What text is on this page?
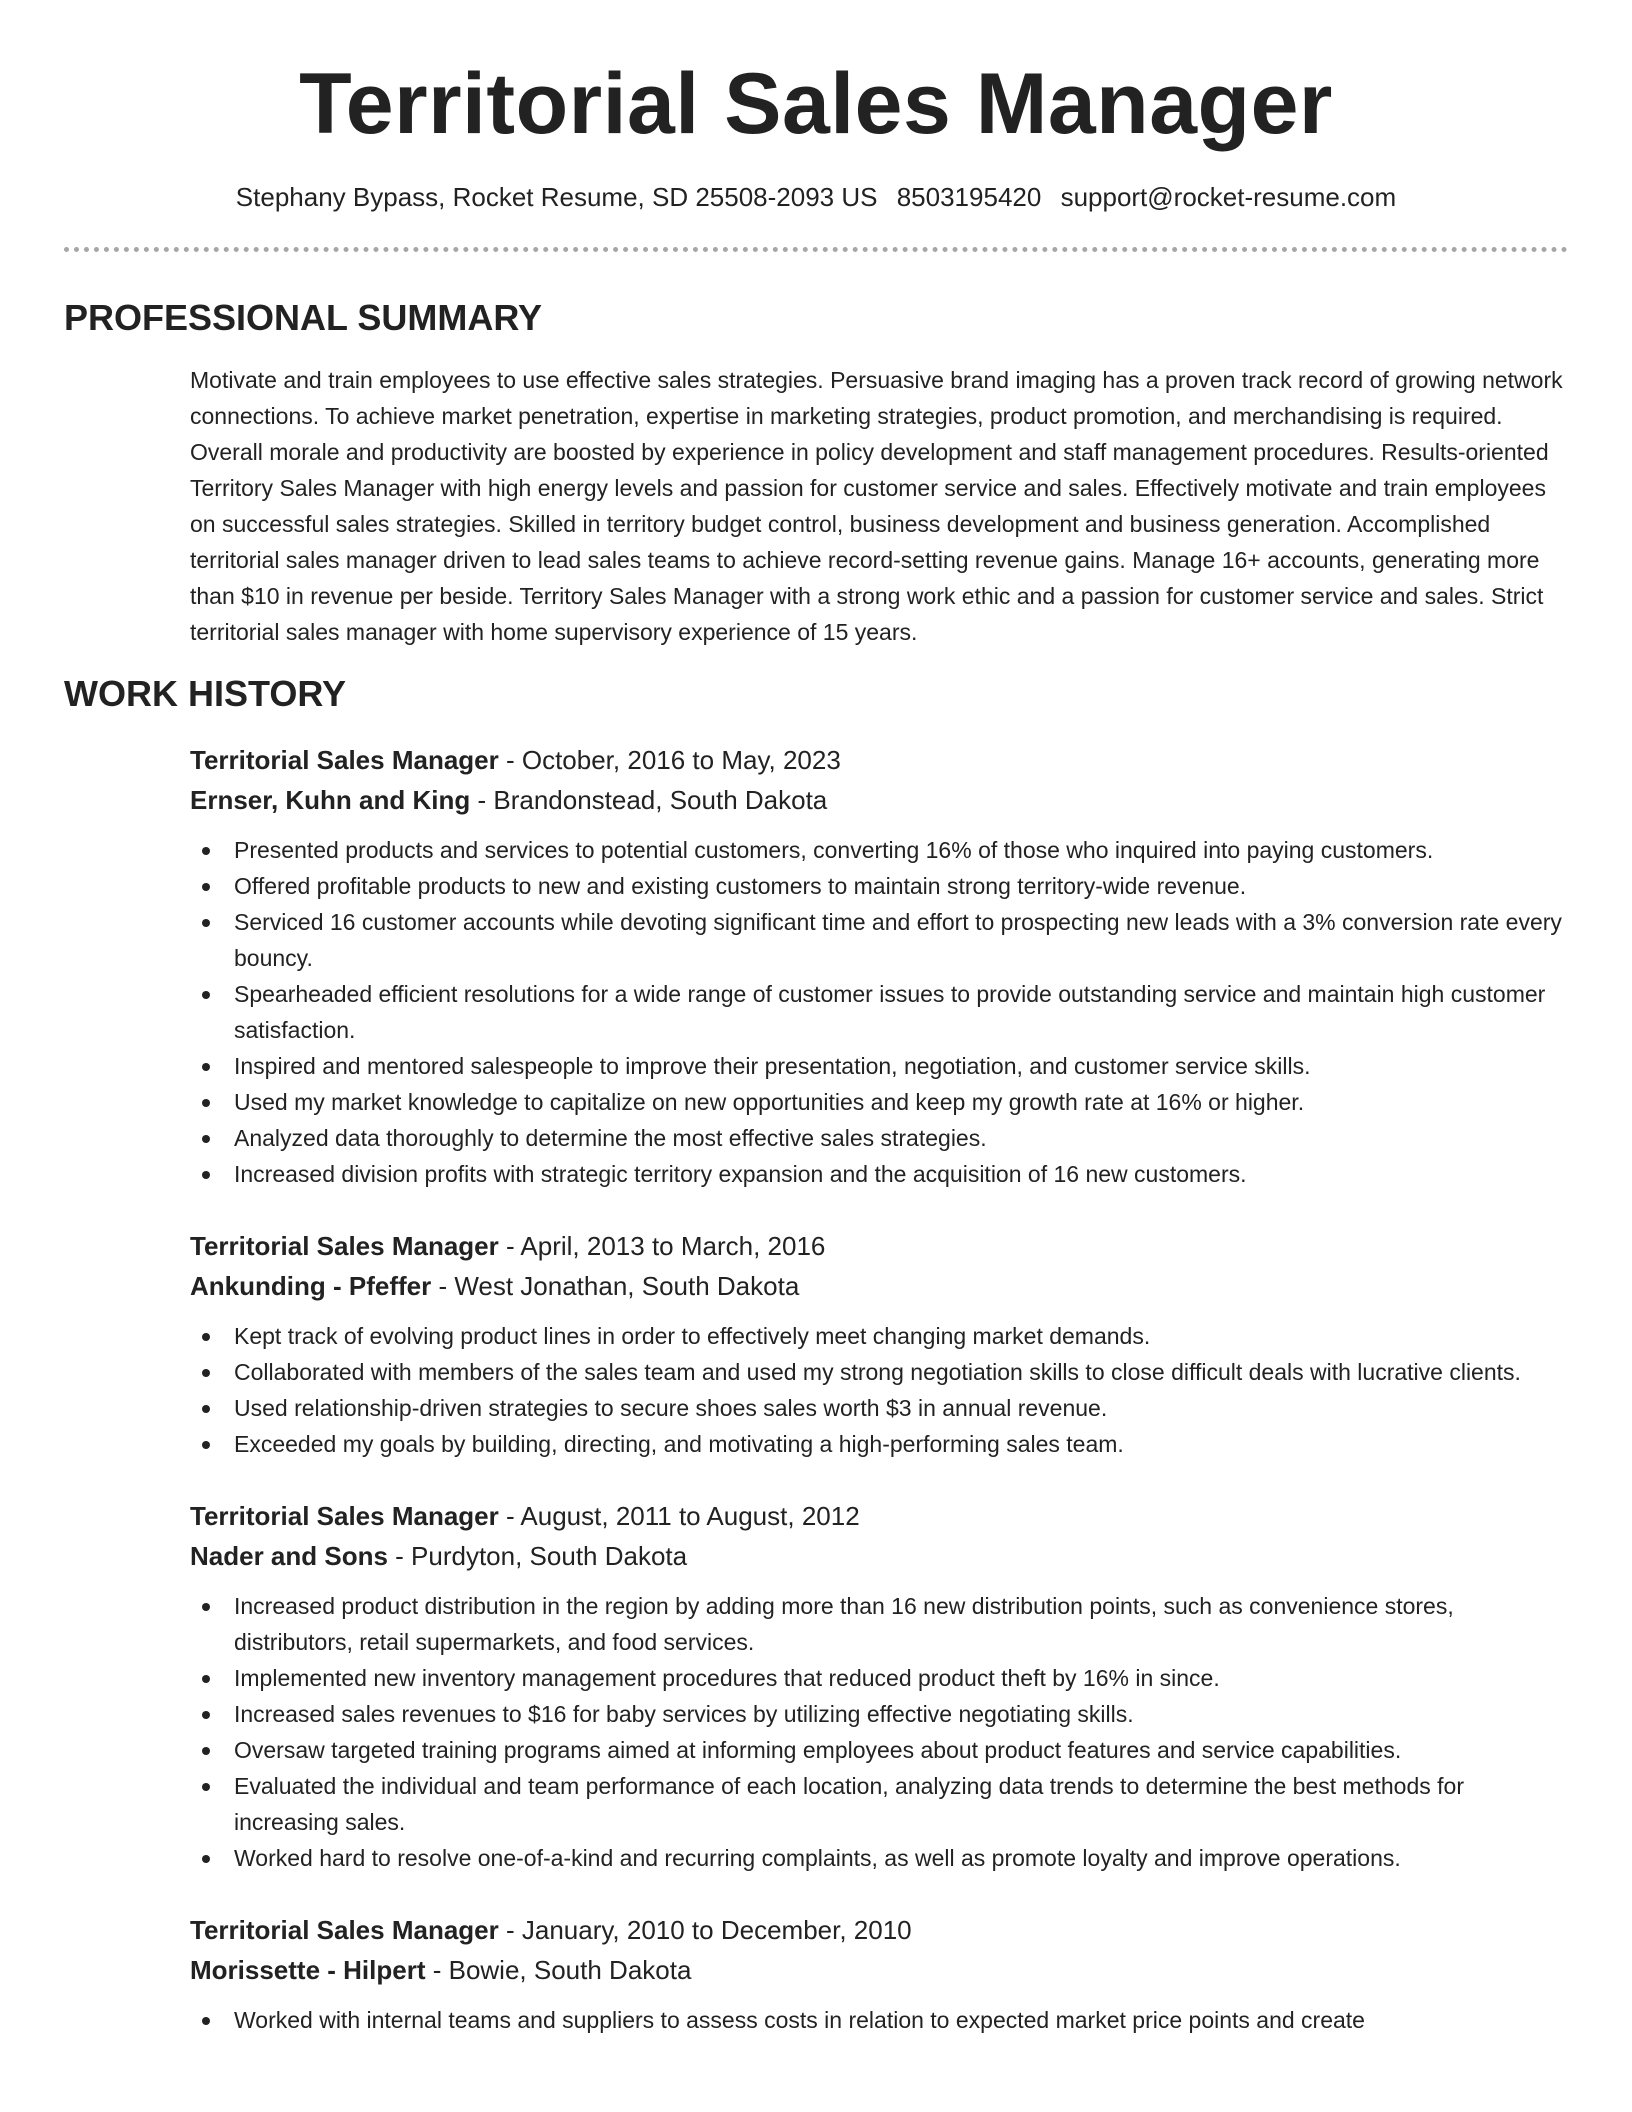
Territorial Sales Manager
Stephany Bypass, Rocket Resume, SD 25508-2093 US 8503195420 support@rocket-resume.com
PROFESSIONAL SUMMARY
Motivate and train employees to use effective sales strategies. Persuasive brand imaging has a proven track record of growing network connections. To achieve market penetration, expertise in marketing strategies, product promotion, and merchandising is required. Overall morale and productivity are boosted by experience in policy development and staff management procedures. Results-oriented Territory Sales Manager with high energy levels and passion for customer service and sales. Effectively motivate and train employees on successful sales strategies. Skilled in territory budget control, business development and business generation. Accomplished territorial sales manager driven to lead sales teams to achieve record-setting revenue gains. Manage 16+ accounts, generating more than $10 in revenue per beside. Territory Sales Manager with a strong work ethic and a passion for customer service and sales. Strict territorial sales manager with home supervisory experience of 15 years.
WORK HISTORY
Territorial Sales Manager - October, 2016 to May, 2023
Ernser, Kuhn and King - Brandonstead, South Dakota
Presented products and services to potential customers, converting 16% of those who inquired into paying customers.
Offered profitable products to new and existing customers to maintain strong territory-wide revenue.
Serviced 16 customer accounts while devoting significant time and effort to prospecting new leads with a 3% conversion rate every bouncy.
Spearheaded efficient resolutions for a wide range of customer issues to provide outstanding service and maintain high customer satisfaction.
Inspired and mentored salespeople to improve their presentation, negotiation, and customer service skills.
Used my market knowledge to capitalize on new opportunities and keep my growth rate at 16% or higher.
Analyzed data thoroughly to determine the most effective sales strategies.
Increased division profits with strategic territory expansion and the acquisition of 16 new customers.
Territorial Sales Manager - April, 2013 to March, 2016
Ankunding - Pfeffer - West Jonathan, South Dakota
Kept track of evolving product lines in order to effectively meet changing market demands.
Collaborated with members of the sales team and used my strong negotiation skills to close difficult deals with lucrative clients.
Used relationship-driven strategies to secure shoes sales worth $3 in annual revenue.
Exceeded my goals by building, directing, and motivating a high-performing sales team.
Territorial Sales Manager - August, 2011 to August, 2012
Nader and Sons - Purdyton, South Dakota
Increased product distribution in the region by adding more than 16 new distribution points, such as convenience stores, distributors, retail supermarkets, and food services.
Implemented new inventory management procedures that reduced product theft by 16% in since.
Increased sales revenues to $16 for baby services by utilizing effective negotiating skills.
Oversaw targeted training programs aimed at informing employees about product features and service capabilities.
Evaluated the individual and team performance of each location, analyzing data trends to determine the best methods for increasing sales.
Worked hard to resolve one-of-a-kind and recurring complaints, as well as promote loyalty and improve operations.
Territorial Sales Manager - January, 2010 to December, 2010
Morissette - Hilpert - Bowie, South Dakota
Worked with internal teams and suppliers to assess costs in relation to expected market price points and create
